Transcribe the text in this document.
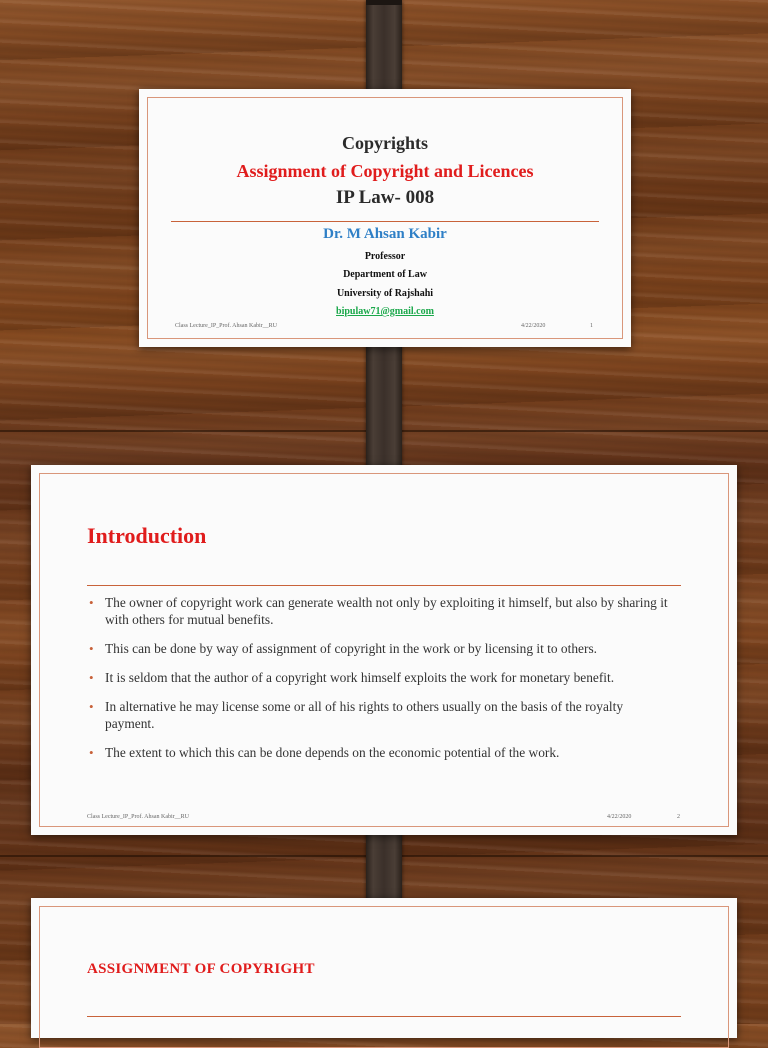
Copyrights
Assignment of Copyright and Licences
IP Law- 008
Dr. M Ahsan Kabir
Professor
Department of Law
University of Rajshahi
bipulaw71@gmail.com
Class Lecture_IP_Prof. Ahsan Kabir__RU	4/22/2020	1
Introduction
• The owner of copyright work can generate wealth not only by exploiting it himself, but also by sharing it with others for mutual benefits.
• This can be done by way of assignment of copyright in the work or by licensing it to others.
• It is seldom that the author of a copyright work himself exploits the work for monetary benefit.
• In alternative he may license some or all of his rights to others usually on the basis of the royalty payment.
• The extent to which this can be done depends on the economic potential of the work.
Class Lecture_IP_Prof. Ahsan Kabir__RU	4/22/2020	2
ASSIGNMENT OF COPYRIGHT
